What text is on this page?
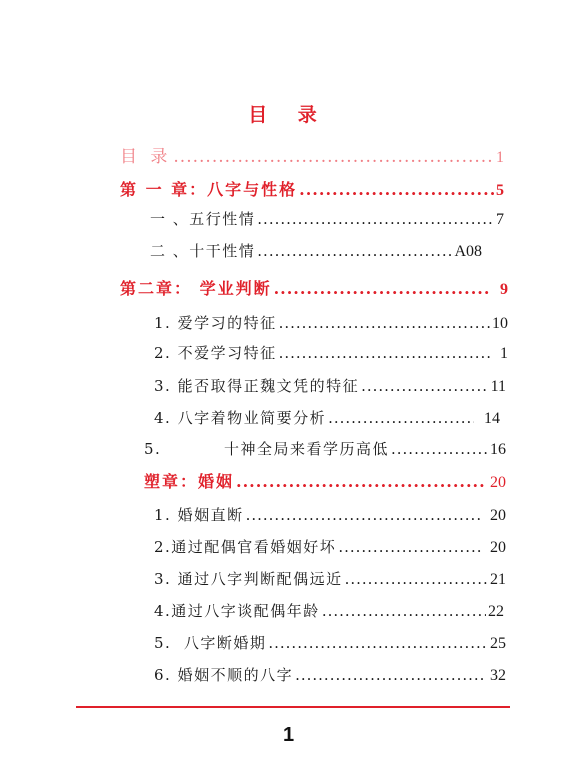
目 录
目 录 .....	1
第 一 章：八字与性格 .....	5
一 、五行性情 .....	7
二 、十干性情 .....	A08
第二章： 学业判断 .....	9
1. 爱学习的特征 .....	10
2. 不爱学习特征 .....	1
3. 能否取得正魏文凭的特征 .....	11
4. 八字着物业简要分析 .....	14
5.          十神全局来看学历高低 .....	16
塑章：婚姻 .....	20
1. 婚姻直断 .....	20
2.通过配偶官看婚姻好坏 .....	20
3. 通过八字判断配偶远近 .....	21
4.通过八字谈配偶年龄 .....	22
5.  八字断婚期 .....	25
6. 婚姻不顺的八字 .....	32
1
